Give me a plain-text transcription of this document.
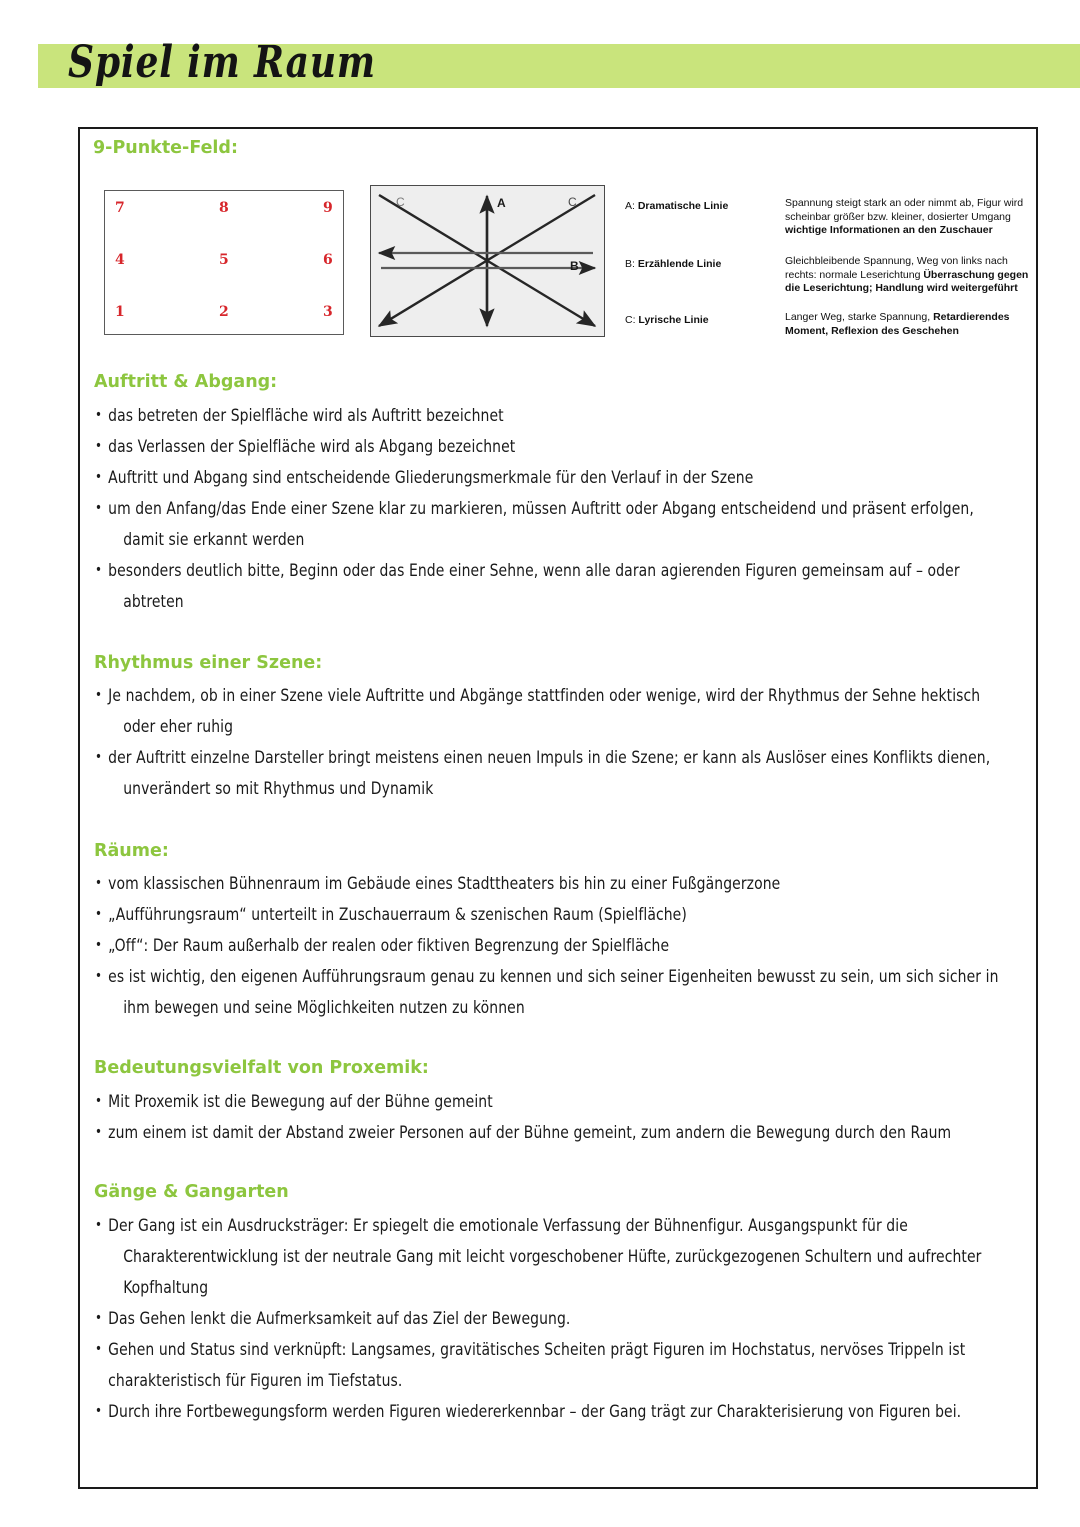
Spiel im Raum
9-Punkte-Feld:
7	8	9
4	5	6
1	2	3
A
B
C	C	A: Dramatische Linie	Spannung steigt stark an oder nimmt ab, Figur wird scheinbar größer bzw. kleiner, dosierter Umgang wichtige Informationen an den Zuschauer
B: Erzählende Linie	Gleichbleibende Spannung, Weg von links nach rechts: normale Leserichtung Überraschung gegen die Leserichtung; Handlung wird weitergeführt
C: Lyrische Linie	Langer Weg, starke Spannung, Retardierendes Moment, Reflexion des Geschehen
Auftritt & Abgang:
• das betreten der Spielfläche wird als Auftritt bezeichnet
• das Verlassen der Spielfläche wird als Abgang bezeichnet
• Auftritt und Abgang sind entscheidende Gliederungsmerkmale für den Verlauf in der Szene
• um den Anfang/das Ende einer Szene klar zu markieren, müssen Auftritt oder Abgang entscheidend und präsent erfolgen,
damit sie erkannt werden
• besonders deutlich bitte, Beginn oder das Ende einer Sehne, wenn alle daran agierenden Figuren gemeinsam auf – oder
abtreten
Rhythmus einer Szene:
• Je nachdem, ob in einer Szene viele Auftritte und Abgänge stattfinden oder wenige, wird der Rhythmus der Sehne hektisch
oder eher ruhig
• der Auftritt einzelne Darsteller bringt meistens einen neuen Impuls in die Szene; er kann als Auslöser eines Konflikts dienen,
unverändert so mit Rhythmus und Dynamik
Räume:
• vom klassischen Bühnenraum im Gebäude eines Stadttheaters bis hin zu einer Fußgängerzone
• „Aufführungsraum“ unterteilt in Zuschauerraum & szenischen Raum (Spielfläche)
• „Off“: Der Raum außerhalb der realen oder fiktiven Begrenzung der Spielfläche
• es ist wichtig, den eigenen Aufführungsraum genau zu kennen und sich seiner Eigenheiten bewusst zu sein, um sich sicher in
ihm bewegen und seine Möglichkeiten nutzen zu können
Bedeutungsvielfalt von Proxemik:
• Mit Proxemik ist die Bewegung auf der Bühne gemeint
• zum einem ist damit der Abstand zweier Personen auf der Bühne gemeint, zum andern die Bewegung durch den Raum
Gänge & Gangarten
• Der Gang ist ein Ausdrucksträger: Er spiegelt die emotionale Verfassung der Bühnenfigur. Ausgangspunkt für die
Charakterentwicklung ist der neutrale Gang mit leicht vorgeschobener Hüfte, zurückgezogenen Schultern und aufrechter
Kopfhaltung
• Das Gehen lenkt die Aufmerksamkeit auf das Ziel der Bewegung.
• Gehen und Status sind verknüpft: Langsames, gravitätisches Scheiten prägt Figuren im Hochstatus, nervöses Trippeln ist
charakteristisch für Figuren im Tiefstatus.
• Durch ihre Fortbewegungsform werden Figuren wiedererkennbar – der Gang trägt zur Charakterisierung von Figuren bei.
